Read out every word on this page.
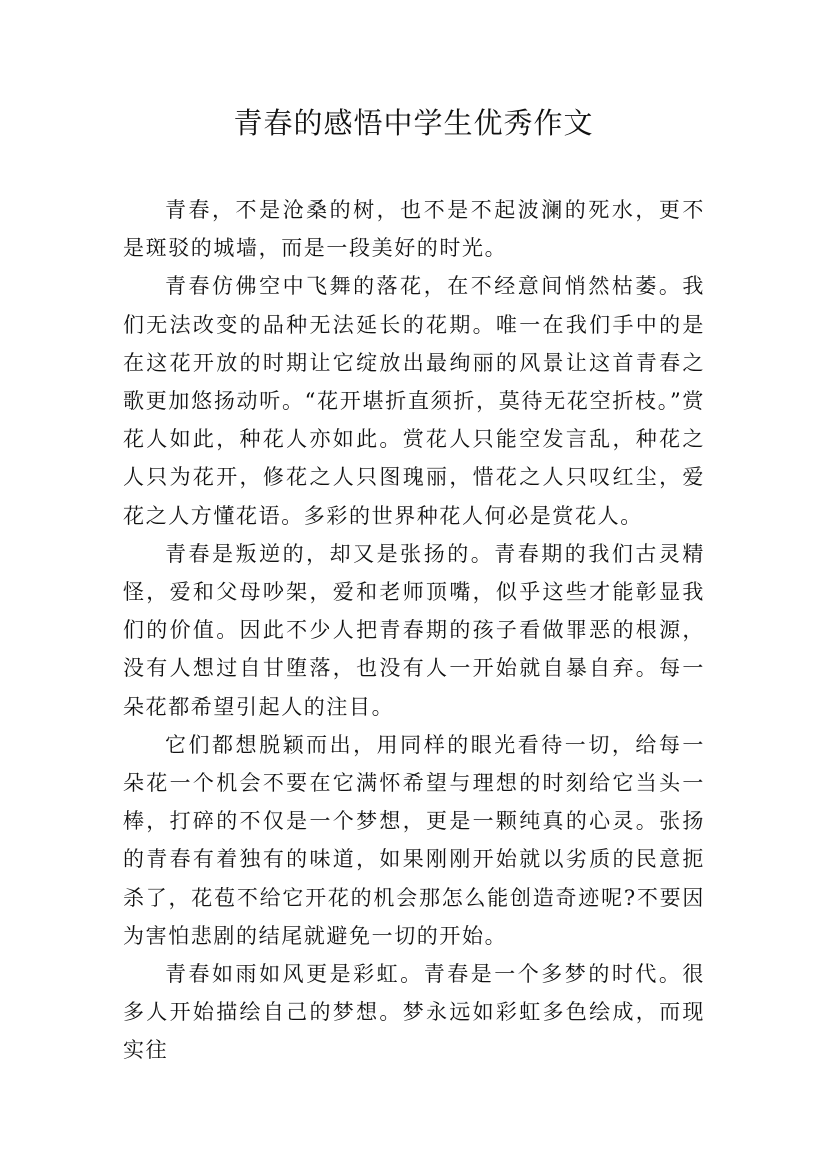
青春的感悟中学生优秀作文

青春，不是沧桑的树，也不是不起波澜的死水，更不是斑驳的城墙，而是一段美好的时光。

青春仿佛空中飞舞的落花，在不经意间悄然枯萎。我们无法改变的品种无法延长的花期。唯一在我们手中的是在这花开放的时期让它绽放出最绚丽的风景让这首青春之歌更加悠扬动听。“花开堪折直须折，莫待无花空折枝。”赏花人如此，种花人亦如此。赏花人只能空发言乱，种花之人只为花开，修花之人只图瑰丽，惜花之人只叹红尘，爱花之人方懂花语。多彩的世界种花人何必是赏花人。

青春是叛逆的，却又是张扬的。青春期的我们古灵精怪，爱和父母吵架，爱和老师顶嘴，似乎这些才能彰显我们的价值。因此不少人把青春期的孩子看做罪恶的根源，没有人想过自甘堕落，也没有人一开始就自暴自弃。每一朵花都希望引起人的注目。

它们都想脱颖而出，用同样的眼光看待一切，给每一朵花一个机会不要在它满怀希望与理想的时刻给它当头一棒，打碎的不仅是一个梦想，更是一颗纯真的心灵。张扬的青春有着独有的味道，如果刚刚开始就以劣质的民意扼杀了，花苞不给它开花的机会那怎么能创造奇迹呢?不要因为害怕悲剧的结尾就避免一切的开始。

青春如雨如风更是彩虹。青春是一个多梦的时代。很多人开始描绘自己的梦想。梦永远如彩虹多色绘成，而现实往
